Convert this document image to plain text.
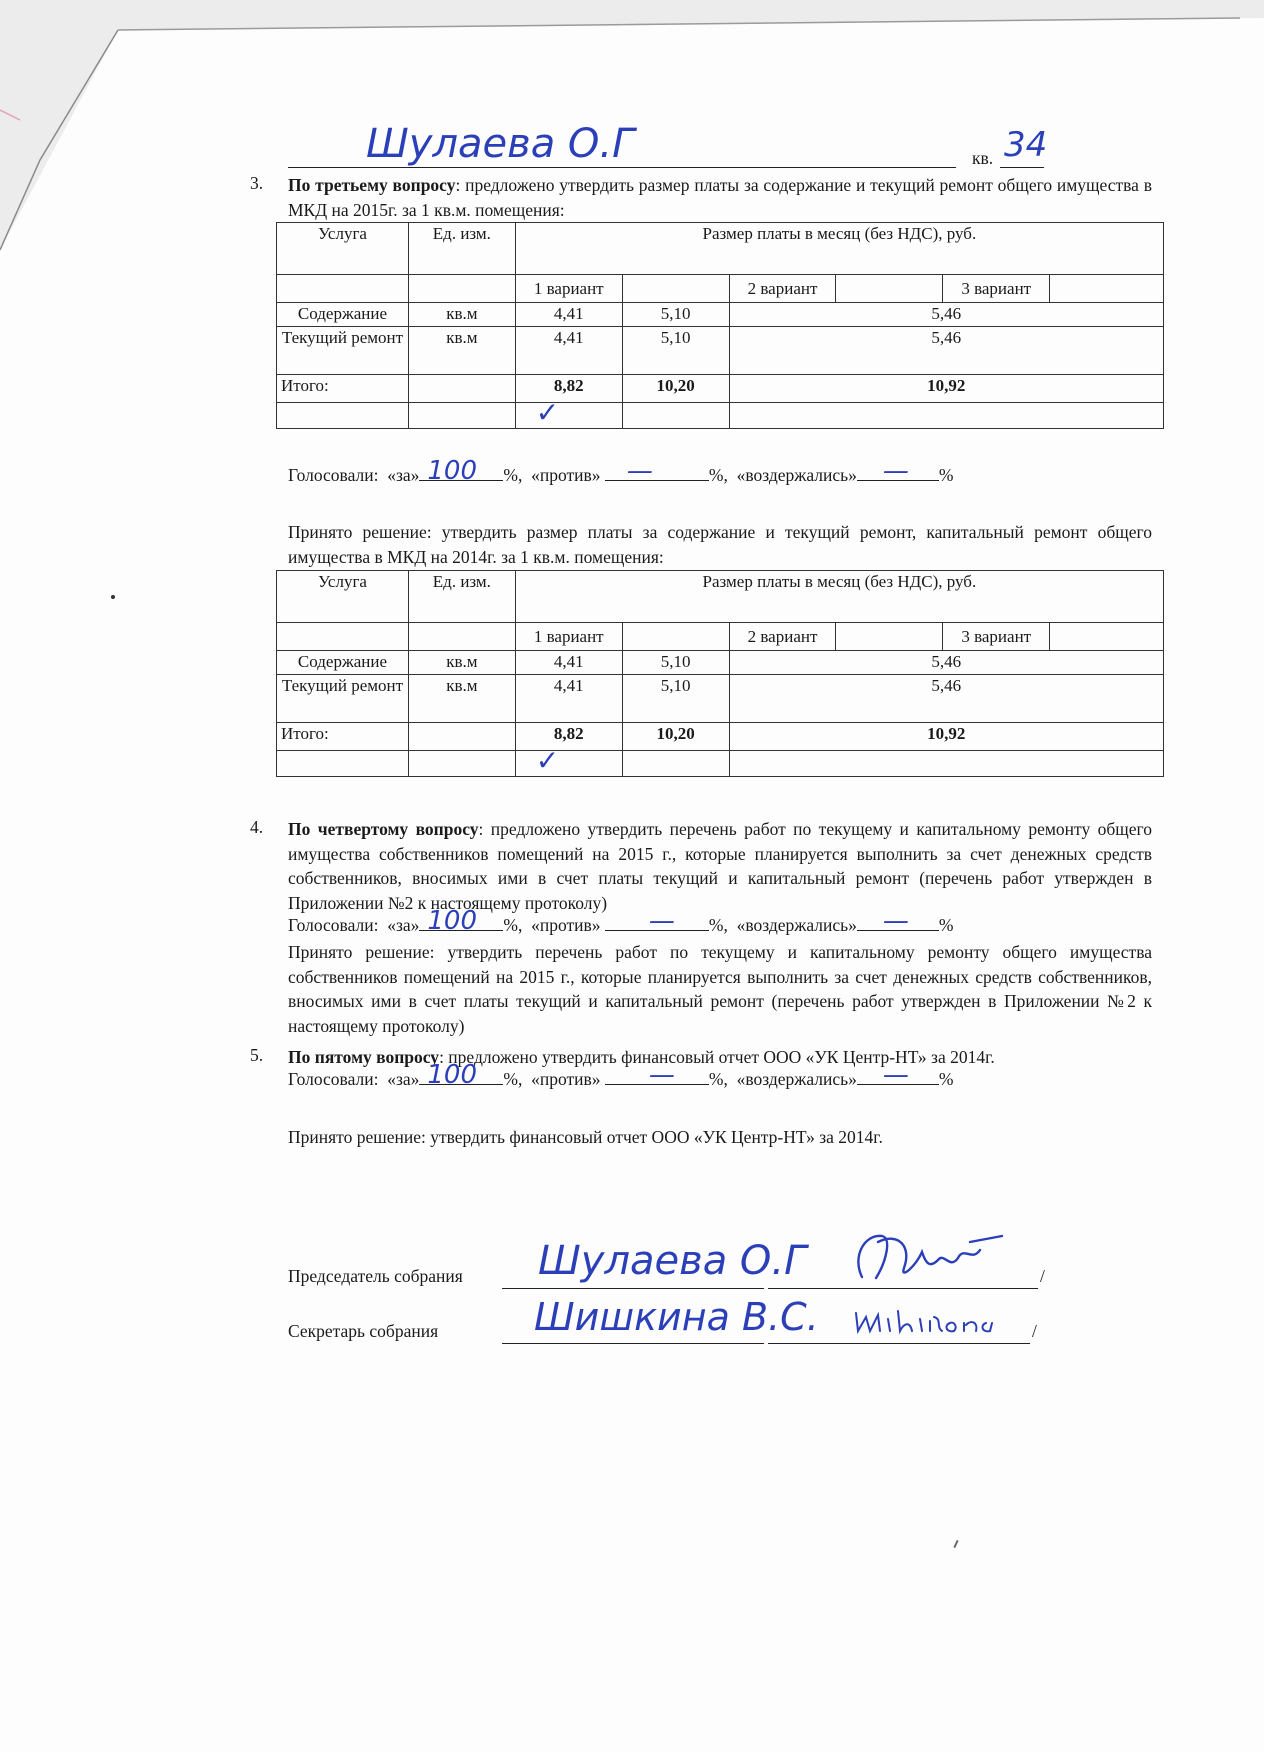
Шулаева О.Г	кв. 34
3. По третьему вопросу: предложено утвердить размер платы за содержание и текущий ремонт общего имущества в МКД на 2015г. за 1 кв.м. помещения:
Услуга	Ед. изм.	Размер платы в месяц (без НДС), руб.					
		1 вариант		2 вариант		3 вариант	
Содержание	кв.м	4,41	5,10	5,46			
Текущий ремонт	кв.м	4,41	5,10	5,46			
Итого:		8,82	10,20	10,92			
		✓					
Голосовали: «за» 100 %,  «против» —	%,  «воздержались» — %
Принято решение: утвердить размер платы за содержание и текущий ремонт, капитальный ремонт общего имущества в МКД на 2014г. за 1 кв.м. помещения:
Услуга	Ед. изм.	Размер платы в месяц (без НДС), руб.					
		1 вариант		2 вариант		3 вариант	
Содержание	кв.м	4,41	5,10	5,46			
Текущий ремонт	кв.м	4,41	5,10	5,46			
Итого:		8,82	10,20	10,92			
		✓					
4. По четвертому вопросу: предложено утвердить перечень работ по текущему и капитальному ремонту общего имущества собственников помещений на 2015 г., которые планируется выполнить за счет денежных средств собственников, вносимых ими в счет платы текущий и капитальный ремонт (перечень работ утвержден в Приложении №2 к настоящему протоколу)
Голосовали: «за» 100 %,  «против» — %,  «воздержались» — %
Принято решение: утвердить перечень работ по текущему и капитальному ремонту общего имущества собственников помещений на 2015 г., которые планируется выполнить за счет денежных средств собственников, вносимых ими в счет платы текущий и капитальный ремонт (перечень работ утвержден в Приложении №2 к настоящему протоколу)
5. По пятому вопросу: предложено утвердить финансовый отчет ООО «УК Центр-НТ» за 2014г.
Голосовали: «за» 100 %,  «против» — %,  «воздержались» — %
Принято решение: утвердить финансовый отчет ООО «УК Центр-НТ» за 2014г.
Председатель собрания Шулаева О.Г	/
Секретарь собрания	Шишкина В.С.	/
